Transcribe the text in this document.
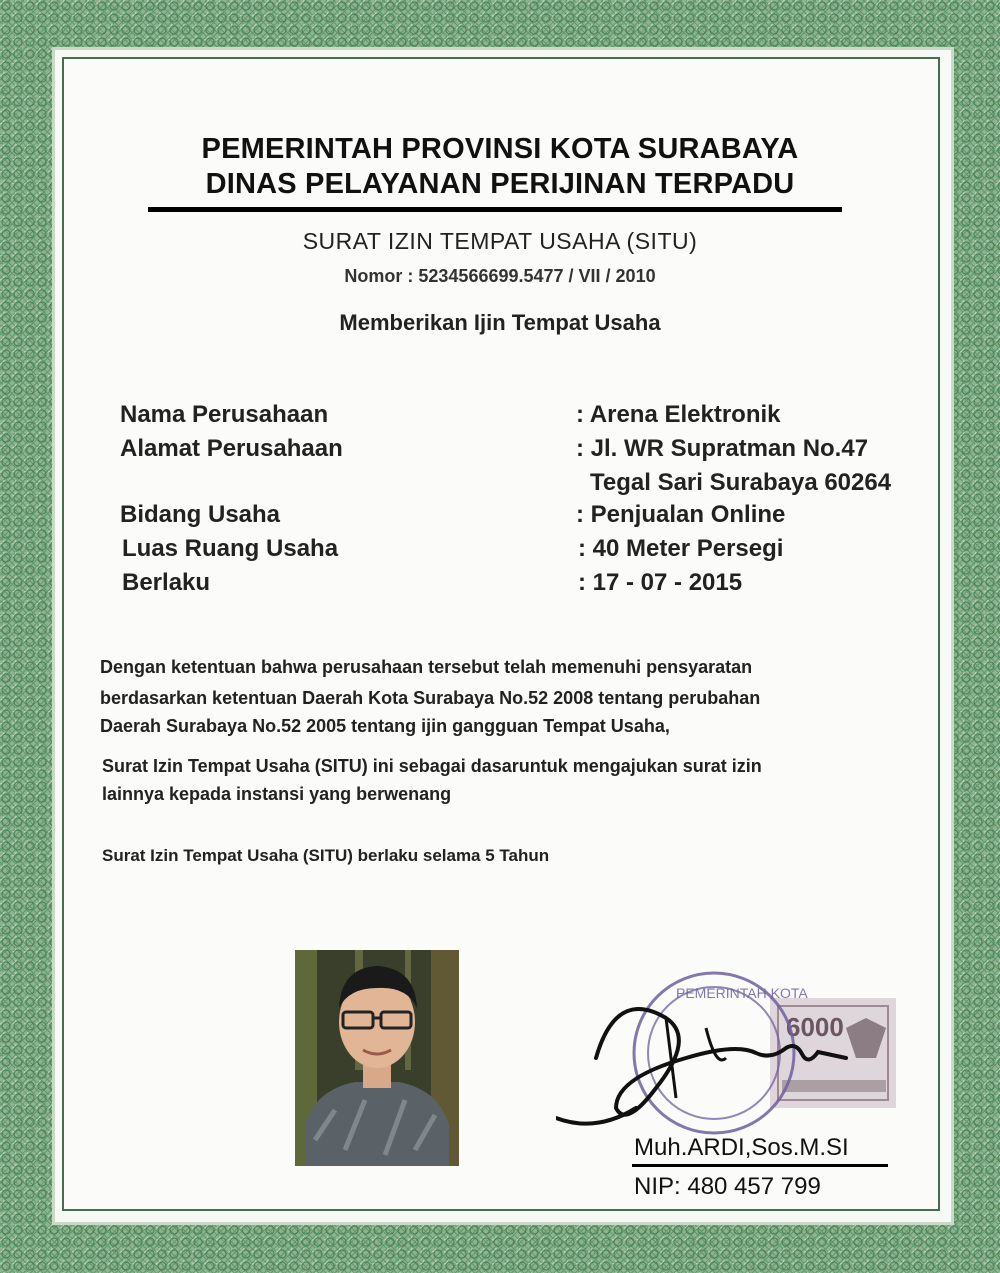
PEMERINTAH PROVINSI KOTA SURABAYA
DINAS PELAYANAN PERIJINAN TERPADU
SURAT IZIN TEMPAT USAHA (SITU)
Nomor : 5234566699.5477 / VII / 2010
Memberikan Ijin Tempat Usaha
Nama Perusahaan	: Arena Elektronik
Alamat Perusahaan	: Jl. WR Supratman No.47
Tegal Sari Surabaya 60264
Bidang Usaha	: Penjualan Online
Luas Ruang Usaha	: 40 Meter Persegi
Berlaku	: 17 - 07 - 2015
Dengan ketentuan bahwa perusahaan tersebut telah memenuhi pensyaratan
berdasarkan ketentuan Daerah Kota Surabaya No.52 2008 tentang perubahan
Daerah Surabaya No.52 2005 tentang ijin gangguan Tempat Usaha,
Surat Izin Tempat Usaha (SITU) ini sebagai dasaruntuk mengajukan surat izin
lainnya kepada instansi yang berwenang
Surat Izin Tempat Usaha (SITU) berlaku selama 5 Tahun
6000
PEMERINTAH KOTA
Muh.ARDI,Sos.M.SI
NIP: 480 457 799
